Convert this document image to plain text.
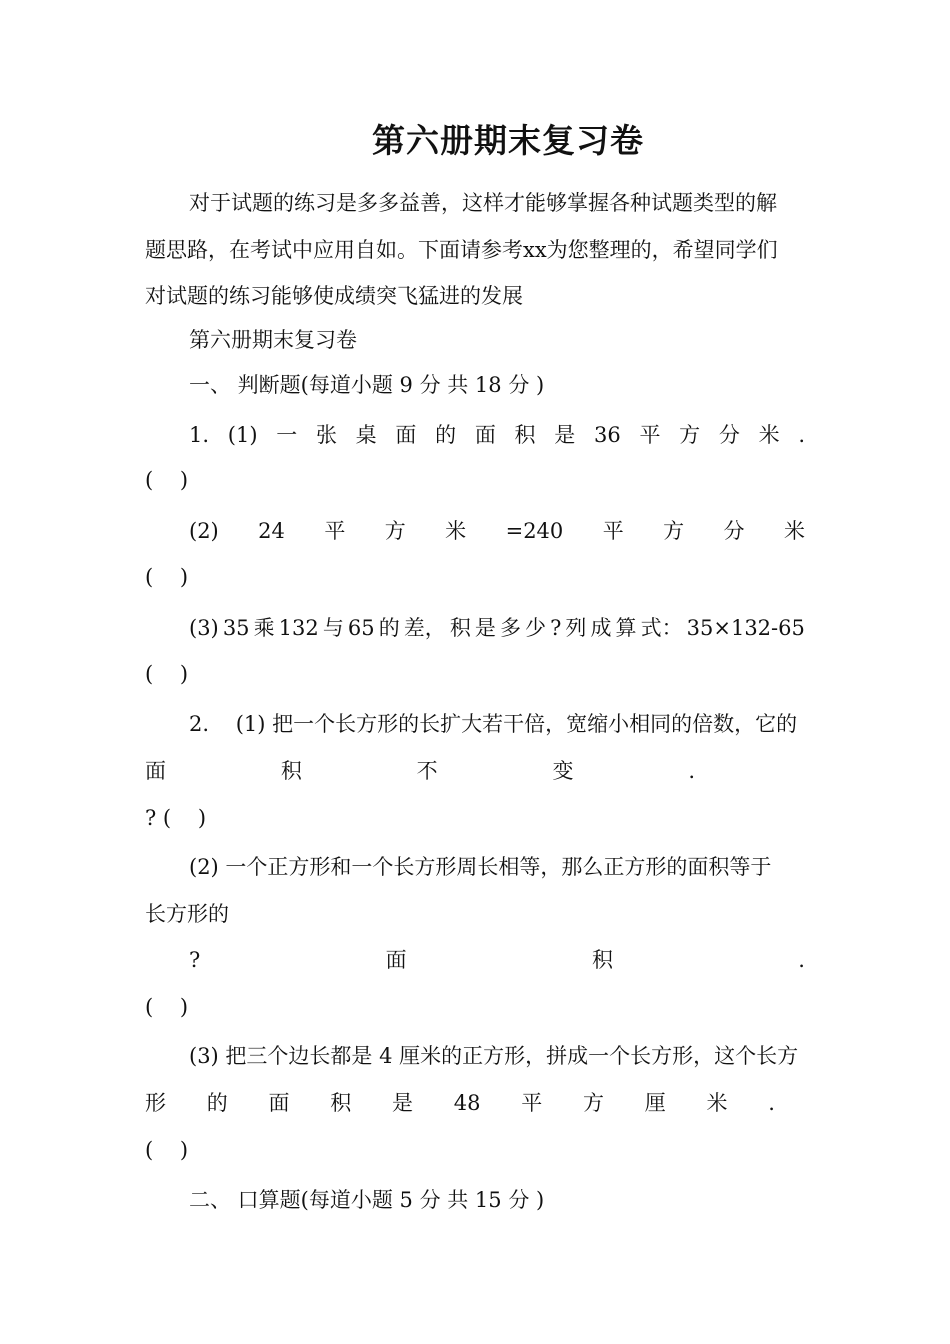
第六册期末复习卷
对于试题的练习是多多益善，这样才能够掌握各种试题类型的解
题思路，在考试中应用自如。下面请参考xx为您整理的，希望同学们
对试题的练习能够使成绩突飞猛进的发展
第六册期末复习卷
一、 判断题(每道小题 9 分 共 18 分 )
1. (1) 一 张 桌 面 的 面 积 是 36 平 方 分 米 .
(    )
(2) 24 平 方 米 =240 平 方 分 米
(    )
(3) 35 乘 132 与 65 的 差， 积 是 多 少 ? 列 成 算 式： 35×132-65
(    )
2.    (1) 把一个长方形的长扩大若干倍，宽缩小相同的倍数，它的
面	积	不	变	.
? (    )
(2) 一个正方形和一个长方形周长相等，那么正方形的面积等于
长方形的
?	面	积	.
(    )
(3) 把三个边长都是 4 厘米的正方形，拼成一个长方形，这个长方
形 的 面 积 是 48 平 方 厘 米 .
(    )
二、 口算题(每道小题 5 分 共 15 分 )
